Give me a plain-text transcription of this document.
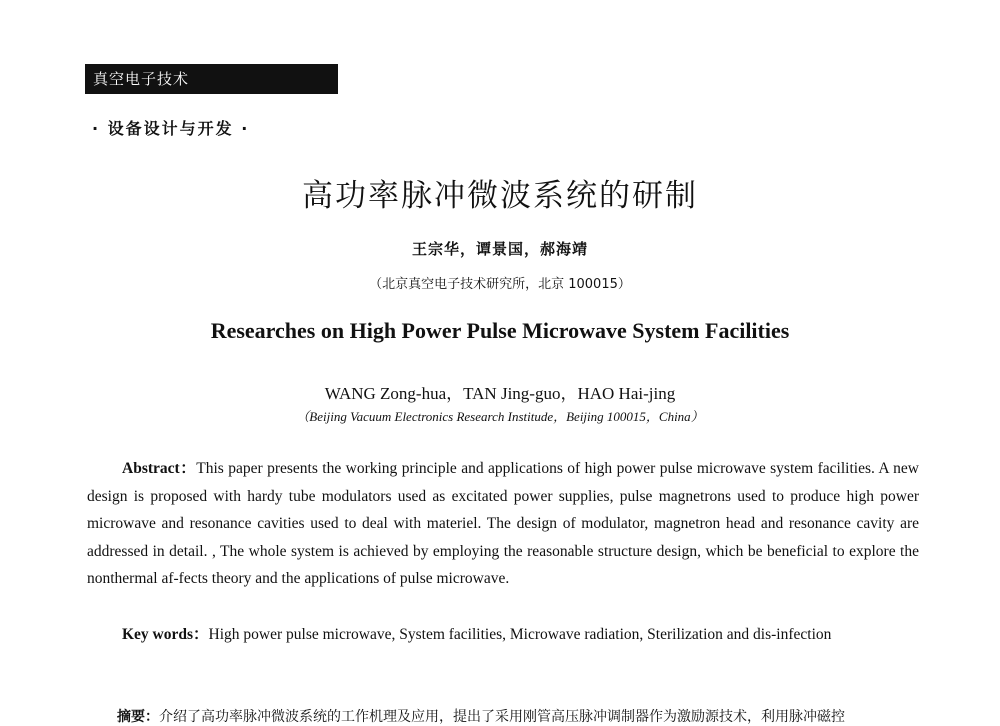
真空电子技术
· 设备设计与开发 ·
高功率脉冲微波系统的研制
王宗华，谭景国，郝海靖
（北京真空电子技术研究所，北京 100015）
Researches on High Power Pulse Microwave System Facilities
WANG Zong-hua，TAN Jing-guo，HAO Hai-jing
（Beijing Vacuum Electronics Research Institude，Beijing 100015，China）

Abstract：This paper presents the working principle and applications of high power pulse microwave system facilities. A new design is proposed with hardy tube modulators used as excitated power supplies, pulse magnetrons used to produce high power microwave and resonance cavities used to deal with materiel. The design of modulator, magnetron head and resonance cavity are addressed in detail. , The whole system is achieved by employing the reasonable structure design, which be beneficial to explore the nonthermal af-fects theory and the applications of pulse microwave.

Key words：High power pulse microwave, System facilities, Microwave radiation, Sterilization and dis-infection

摘要：介绍了高功率脉冲微波系统的工作机理及应用，提出了采用刚管高压脉冲调制器作为激励源技术，利用脉冲磁控
